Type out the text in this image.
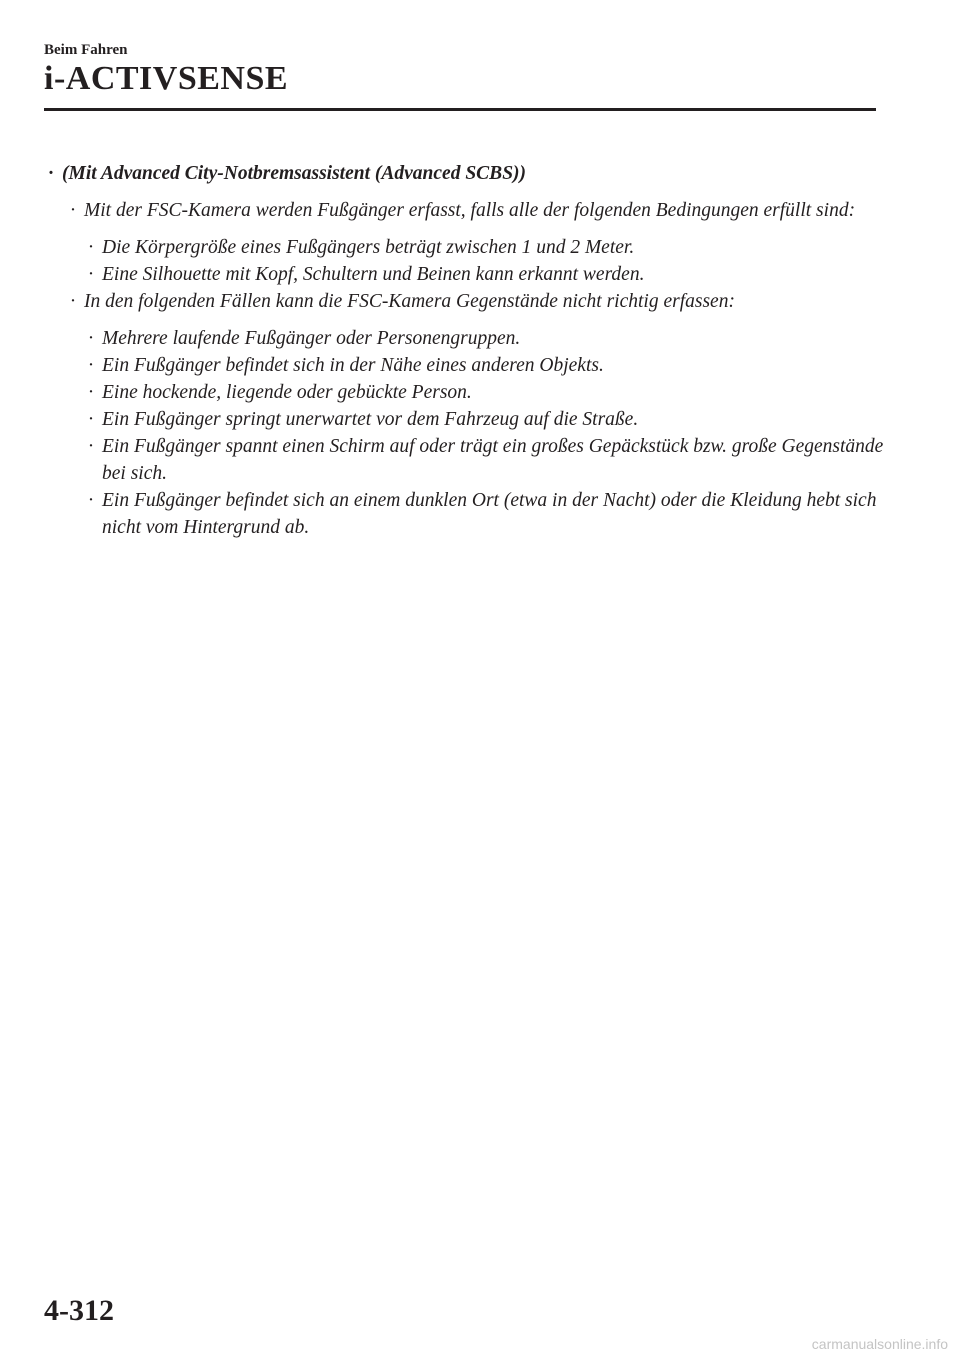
Beim Fahren

i-ACTIVSENSE

· (Mit Advanced City-Notbremsassistent (Advanced SCBS))

· Mit der FSC-Kamera werden Fußgänger erfasst, falls alle der folgenden Bedingungen erfüllt sind:

· Die Körpergröße eines Fußgängers beträgt zwischen 1 und 2 Meter.

· Eine Silhouette mit Kopf, Schultern und Beinen kann erkannt werden.

· In den folgenden Fällen kann die FSC-Kamera Gegenstände nicht richtig erfassen:

· Mehrere laufende Fußgänger oder Personengruppen.

· Ein Fußgänger befindet sich in der Nähe eines anderen Objekts.

· Eine hockende, liegende oder gebückte Person.

· Ein Fußgänger springt unerwartet vor dem Fahrzeug auf die Straße.

· Ein Fußgänger spannt einen Schirm auf oder trägt ein großes Gepäckstück bzw. große Gegenstände bei sich.

· Ein Fußgänger befindet sich an einem dunklen Ort (etwa in der Nacht) oder die Kleidung hebt sich nicht vom Hintergrund ab.

4-312

carmanualsonline.info
